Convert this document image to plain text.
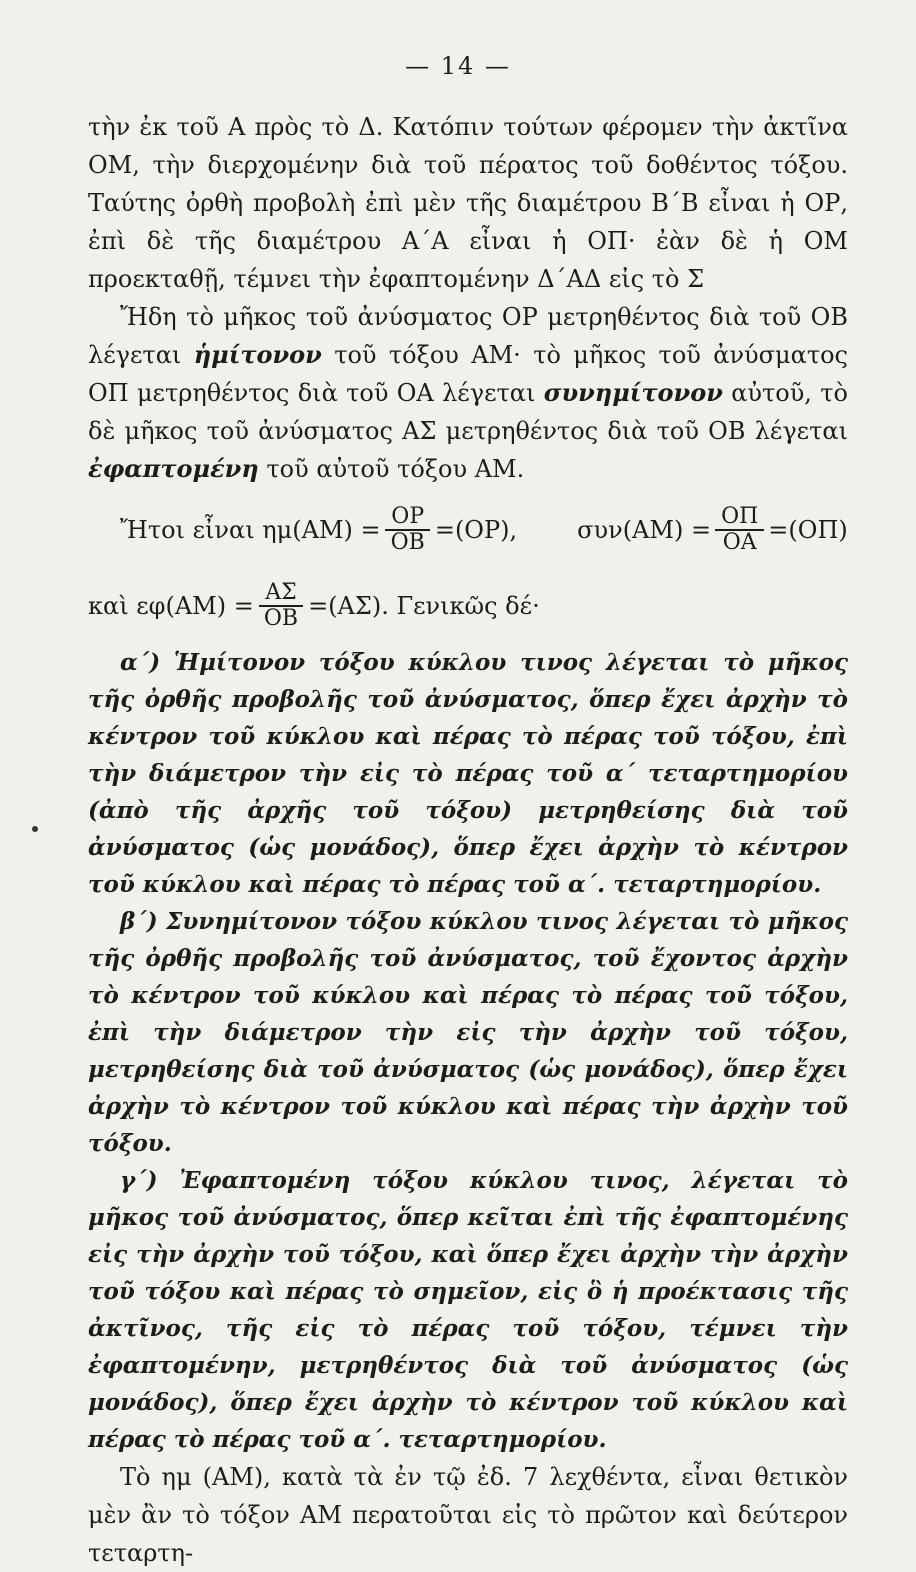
— 14 —

τὴν ἐκ τοῦ Α πρὸς τὸ Δ. Κατόπιν τούτων φέρομεν τὴν ἀκτῖνα ΟΜ, τὴν διερχομένην διὰ τοῦ πέρατος τοῦ δοθέντος τόξου. Ταύτης ὀρθὴ προβολὴ ἐπὶ μὲν τῆς διαμέτρου Β΄Β εἶναι ἡ ΟΡ, ἐπὶ δὲ τῆς διαμέτρου Α΄Α εἶναι ἡ ΟΠ· ἐὰν δὲ ἡ ΟΜ προεκταθῇ, τέμνει τὴν ἐφαπτομένην Δ΄ΑΔ εἰς τὸ Σ

Ἤδη τὸ μῆκος τοῦ ἀνύσματος ΟΡ μετρηθέντος διὰ τοῦ ΟΒ λέγεται ἡμίτονον τοῦ τόξου ΑΜ· τὸ μῆκος τοῦ ἀνύσματος ΟΠ μετρηθέντος διὰ τοῦ ΟΑ λέγεται συνημίτονον αὐτοῦ, τὸ δὲ μῆκος τοῦ ἀνύσματος ΑΣ μετρηθέντος διὰ τοῦ ΟΒ λέγεται ἐφαπτομένη τοῦ αὐτοῦ τόξου ΑΜ.

Ἤτοι εἶναι $\eta\mu(AM) = \frac{OP}{OB} =(OP)$,	$\sigma\upsilon\nu(AM) = \frac{O\Pi}{OA} =(O\Pi)$
καὶ $\varepsilon\varphi(AM) = \frac{A\Sigma}{OB} =(A\Sigma)$. Γενικῶς δέ·

α΄) Ἡμίτονον τόξου κύκλου τινος λέγεται τὸ μῆκος τῆς ὀρθῆς προβολῆς τοῦ ἀνύσματος, ὅπερ ἔχει ἀρχὴν τὸ κέντρον τοῦ κύκλου καὶ πέρας τὸ πέρας τοῦ τόξου, ἐπὶ τὴν διάμετρον τὴν εἰς τὸ πέρας τοῦ α΄ τεταρτημορίου (ἀπὸ τῆς ἀρχῆς τοῦ τόξου) μετρηθείσης διὰ τοῦ ἀνύσματος (ὡς μονάδος), ὅπερ ἔχει ἀρχὴν τὸ κέντρον τοῦ κύκλου καὶ πέρας τὸ πέρας τοῦ α΄. τεταρτημορίου.

β΄) Συνημίτονον τόξου κύκλου τινος λέγεται τὸ μῆκος τῆς ὀρθῆς προβολῆς τοῦ ἀνύσματος, τοῦ ἔχοντος ἀρχὴν τὸ κέντρον τοῦ κύκλου καὶ πέρας τὸ πέρας τοῦ τόξου, ἐπὶ τὴν διάμετρον τὴν εἰς τὴν ἀρχὴν τοῦ τόξου, μετρηθείσης διὰ τοῦ ἀνύσματος (ὡς μονάδος), ὅπερ ἔχει ἀρχὴν τὸ κέντρον τοῦ κύκλου καὶ πέρας τὴν ἀρχὴν τοῦ τόξου.

γ΄) Ἐφαπτομένη τόξου κύκλου τινος, λέγεται τὸ μῆκος τοῦ ἀνύσματος, ὅπερ κεῖται ἐπὶ τῆς ἐφαπτομένης εἰς τὴν ἀρχὴν τοῦ τόξου, καὶ ὅπερ ἔχει ἀρχὴν τὴν ἀρχὴν τοῦ τόξου καὶ πέρας τὸ σημεῖον, εἰς ὃ ἡ προέκτασις τῆς ἀκτῖνος, τῆς εἰς τὸ πέρας τοῦ τόξου, τέμνει τὴν ἐφαπτομένην, μετρηθέντος διὰ τοῦ ἀνύσματος (ὡς μονάδος), ὅπερ ἔχει ἀρχὴν τὸ κέντρον τοῦ κύκλου καὶ πέρας τὸ πέρας τοῦ α΄. τεταρτημορίου.

Τὸ ημ (ΑΜ), κατὰ τὰ ἐν τῷ ἐδ. 7 λεχθέντα, εἶναι θετικὸν μὲν ἂν τὸ τόξον ΑΜ περατοῦται εἰς τὸ πρῶτον καὶ δεύτερον τεταρτη-
